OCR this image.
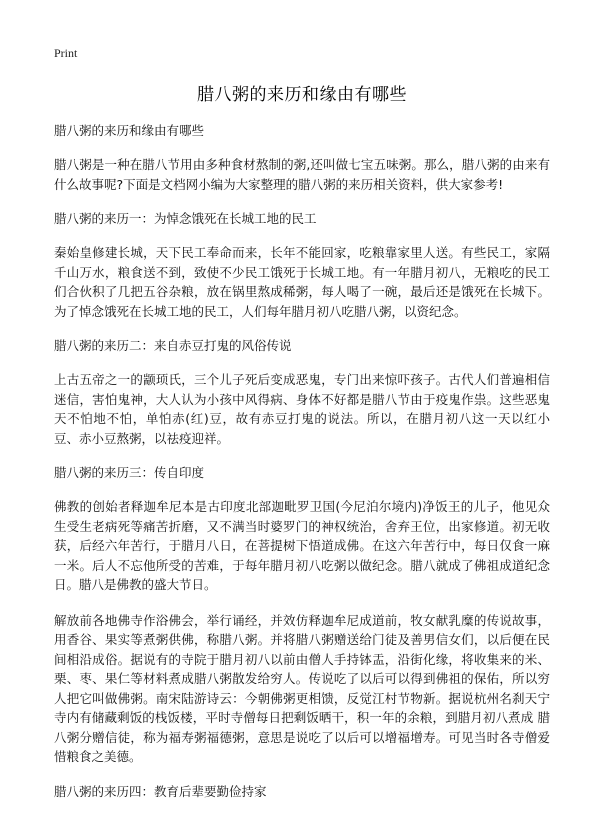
Print
腊八粥的来历和缘由有哪些
腊八粥的来历和缘由有哪些
腊八粥是一种在腊八节用由多种食材熬制的粥,还叫做七宝五味粥。那么，腊八粥的由来有什么故事呢?下面是文档网小编为大家整理的腊八粥的来历相关资料，供大家参考!
腊八粥的来历一：为悼念饿死在长城工地的民工
秦始皇修建长城，天下民工奉命而来，长年不能回家，吃粮靠家里人送。有些民工，家隔千山万水，粮食送不到，致使不少民工饿死于长城工地。有一年腊月初八，无粮吃的民工们合伙积了几把五谷杂粮，放在锅里熬成稀粥，每人喝了一碗，最后还是饿死在长城下。为了悼念饿死在长城工地的民工，人们每年腊月初八吃腊八粥，以资纪念。
腊八粥的来历二：来自赤豆打鬼的风俗传说
上古五帝之一的颛顼氏，三个儿子死后变成恶鬼，专门出来惊吓孩子。古代人们普遍相信迷信，害怕鬼神，大人认为小孩中风得病、身体不好都是腊八节由于疫鬼作祟。这些恶鬼天不怕地不怕，单怕赤(红)豆，故有赤豆打鬼的说法。所以，在腊月初八这一天以红小豆、赤小豆熬粥，以祛疫迎祥。
腊八粥的来历三：传自印度
佛教的创始者释迦牟尼本是古印度北部迦毗罗卫国(今尼泊尔境内)净饭王的儿子，他见众生受生老病死等痛苦折磨，又不满当时婆罗门的神权统治，舍弃王位，出家修道。初无收获，后经六年苦行，于腊月八日，在菩提树下悟道成佛。在这六年苦行中，每日仅食一麻一米。后人不忘他所受的苦难，于每年腊月初八吃粥以做纪念。腊八就成了佛祖成道纪念日。腊八是佛教的盛大节日。
解放前各地佛寺作浴佛会，举行诵经，并效仿释迦牟尼成道前，牧女献乳糜的传说故事，用香谷、果实等煮粥供佛，称腊八粥。并将腊八粥赠送给门徒及善男信女们，以后便在民间相沿成俗。据说有的寺院于腊月初八以前由僧人手持钵盂，沿街化缘，将收集来的米、栗、枣、果仁等材料煮成腊八粥散发给穷人。传说吃了以后可以得到佛祖的保佑，所以穷人把它叫做佛粥。南宋陆游诗云：今朝佛粥更相馈，反觉江村节物新。据说杭州名刹天宁寺内有储藏剩饭的栈饭楼，平时寺僧每日把剩饭晒干，积一年的余粮，到腊月初八煮成 腊八粥分赠信徒，称为福寿粥福德粥，意思是说吃了以后可以增福增寿。可见当时各寺僧爱惜粮食之美德。
腊八粥的来历四：教育后辈要勤俭持家
